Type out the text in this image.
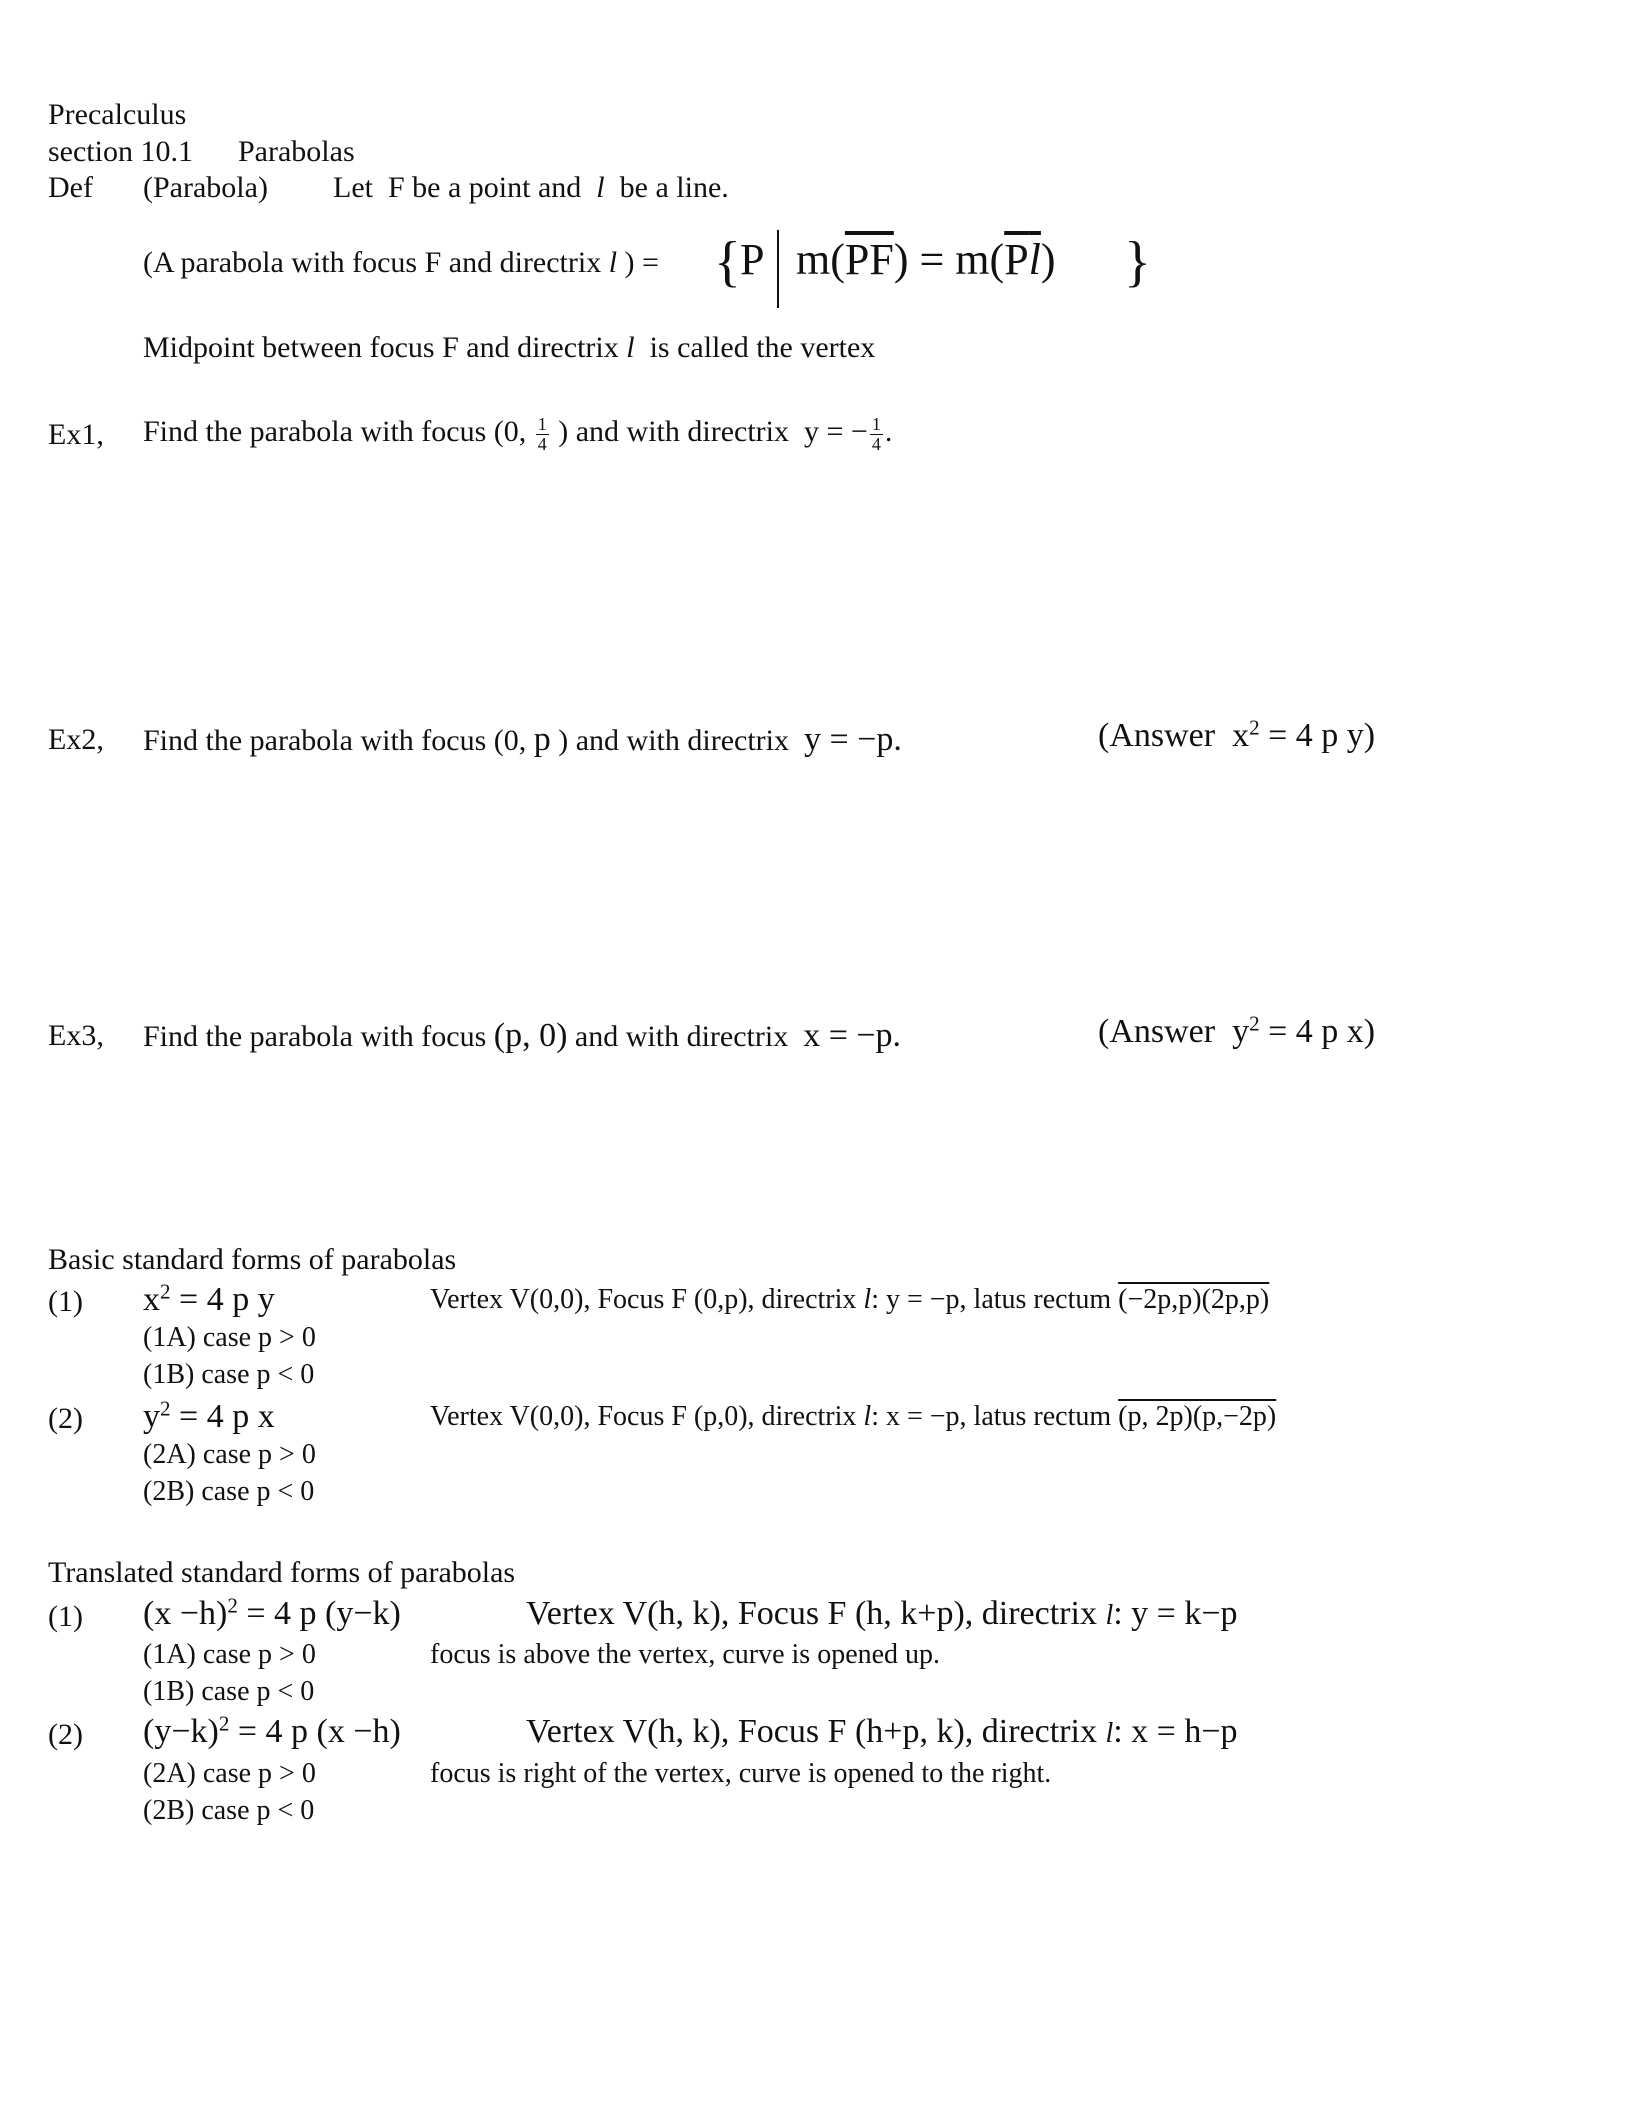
Precalculus
section 10.1 Parabolas
Def (Parabola) Let F be a point and l be a line.
(A parabola with focus F and directrix l ) = { P $m(\overline{PF}) = m(Pl)$ }
Midpoint between focus F and directrix l is called the vertex
Ex1, Find the parabola with focus (0, $\frac{1}{4}$ ) and with directrix y = − $\frac{1}{4}$ .
Ex2, Find the parabola with focus (0, p ) and with directrix y = −p.	(Answer $x^2 = 4$ p y)
Ex3, Find the parabola with focus (p, 0) and with directrix x = −p.	(Answer $y^2 = 4$ p x)
Basic standard forms of parabolas
(1) $x^2 = 4$ p y	Vertex V(0,0), Focus F (0,p), directrix l: y = −p, latus rectum (−2p,p)(2p,p)
(1A) case p > 0
(1B) case p < 0
(2) $y^2 = 4$ p x	Vertex V(0,0), Focus F (p,0), directrix l: x = −p, latus rectum (p, 2p)(p,−2p)
(2A) case p > 0
(2B) case p < 0
Translated standard forms of parabolas
(1) $(x -h)^2 = 4$ p (y−k)	Vertex V(h, k), Focus F (h, k+p), directrix l: y = k−p
(1A) case p > 0	focus is above the vertex, curve is opened up.
(1B) case p < 0
(2) $(y-k)^2 = 4$ p (x −h)	Vertex V(h, k), Focus F (h+p, k), directrix l: x = h−p
(2A) case p > 0	focus is right of the vertex, curve is opened to the right.
(2B) case p < 0
